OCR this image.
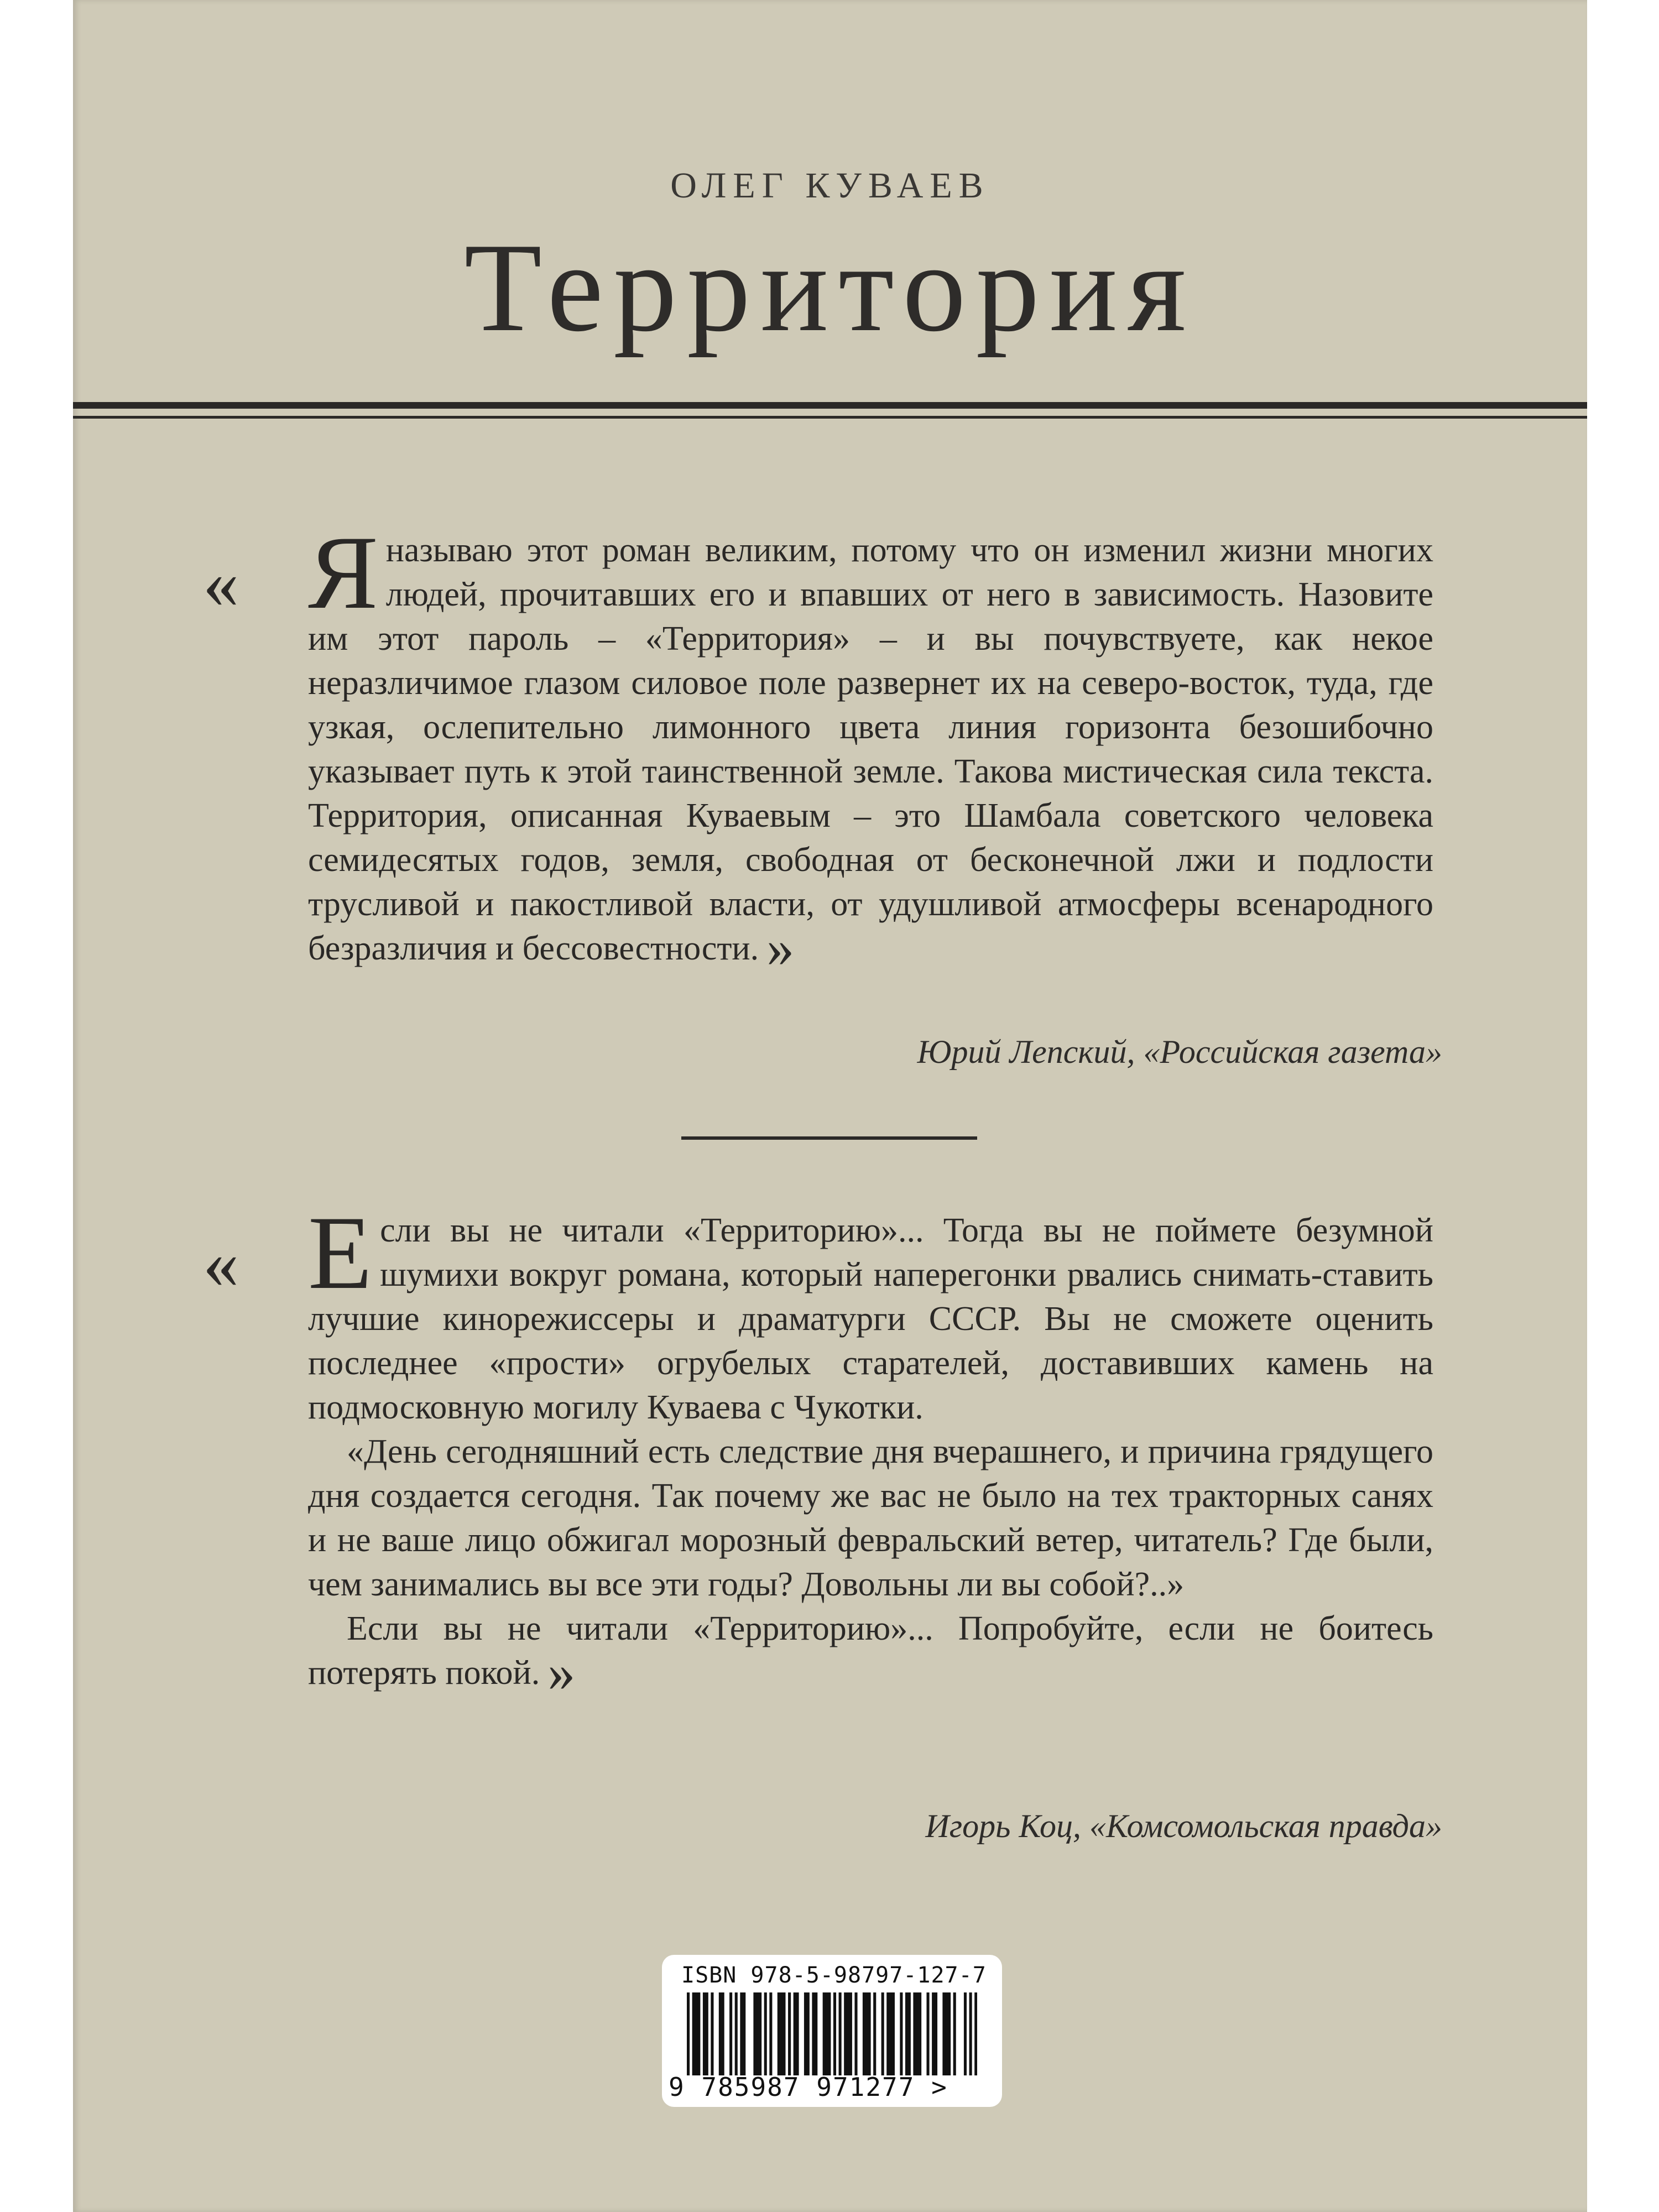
ОЛЕГ КУВАЕВ
Территория
« Яназываю этот роман великим, потому что он изменил жизни многих людей, прочитавших его и впавших от него в зависимость. Назовите им этот пароль – «Территория» – и вы почувствуете, как некое неразличимое глазом силовое поле развернет их на северо-восток, туда, где узкая, ослепительно лимонного цвета линия горизонта безошибочно указывает путь к этой таинственной земле. Такова мистическая сила текста. Территория, описанная Куваевым – это Шамбала советского человека семидесятых годов, земля, свободная от бесконечной лжи и подлости трусливой и пакостливой власти, от удушливой атмосферы всенародного безразличия и бессовестности. »

Юрий Лепский, «Российская газета»
« Если вы не читали «Территорию»... Тогда вы не поймете безумной шумихи вокруг романа, который наперегонки рвались снимать-ставить лучшие кинорежиссеры и драматурги СССР. Вы не сможете оценить последнее «прости» огрубелых старателей, доставивших камень на подмосковную могилу Куваева с Чукотки.

«День сегодняшний есть следствие дня вчерашнего, и причина грядущего дня создается сегодня. Так почему же вас не было на тех тракторных санях и не ваше лицо обжигал морозный февральский ветер, читатель? Где были, чем занимались вы все эти годы? Довольны ли вы собой?..»

Если вы не читали «Территорию»... Попробуйте, если не боитесь потерять покой. »

Игорь Коц, «Комсомольская правда»
ISBN 978-5-98797-127-7
9 785987 971277 >
